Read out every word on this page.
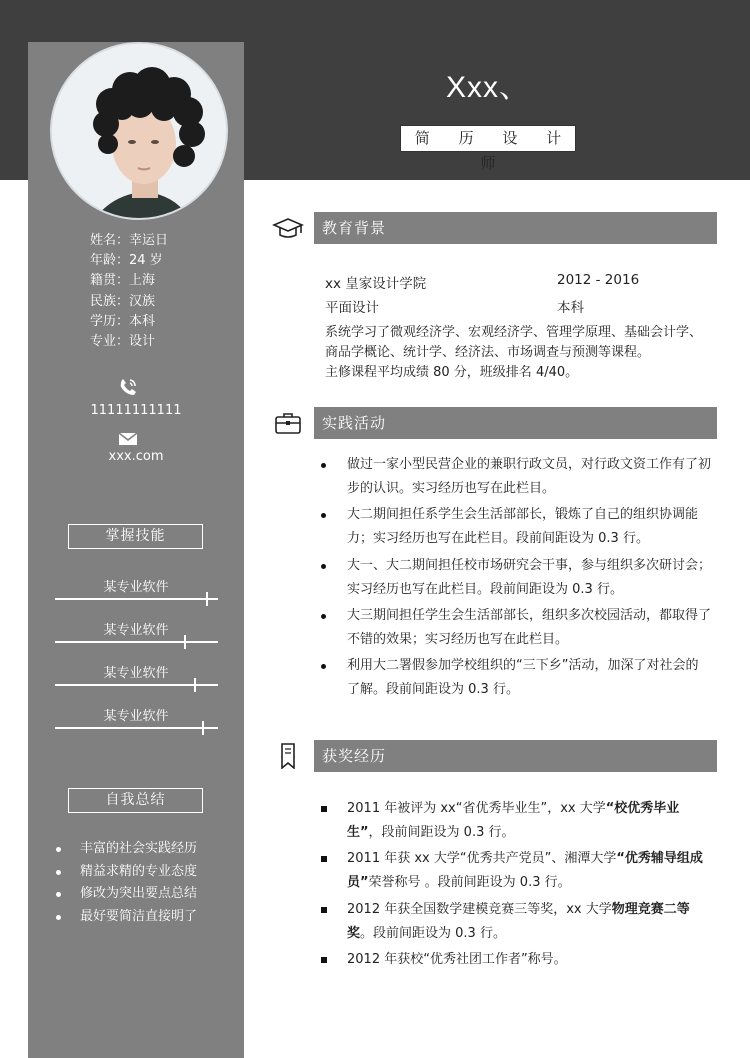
Xxx、
简 历 设 计 师
姓名：幸运日
年龄：24 岁
籍贯：上海
民族：汉族
学历：本科
专业：设计
11111111111
xxx.com
掌握技能
某专业软件
某专业软件
某专业软件
某专业软件
自我总结
丰富的社会实践经历
精益求精的专业态度
修改为突出要点总结
最好要简洁直接明了
教育背景
xx 皇家设计学院	2012 - 2016
平面设计	本科
系统学习了微观经济学、宏观经济学、管理学原理、基础会计学、
商品学概论、统计学、经济法、市场调查与预测等课程。
主修课程平均成绩 80 分，班级排名 4/40。
实践活动
做过一家小型民营企业的兼职行政文员，对行政文资工作有了初步的认识。实习经历也写在此栏目。
大二期间担任系学生会生活部部长，锻炼了自己的组织协调能力；实习经历也写在此栏目。段前间距设为 0.3 行。
大一、大二期间担任校市场研究会干事，参与组织多次研讨会；实习经历也写在此栏目。段前间距设为 0.3 行。
大三期间担任学生会生活部部长，组织多次校园活动，都取得了不错的效果；实习经历也写在此栏目。
利用大二署假参加学校组织的“三下乡”活动，加深了对社会的了解。段前间距设为 0.3 行。
获奖经历
2011 年被评为 xx“省优秀毕业生”，xx 大学“校优秀毕业生”，段前间距设为 0.3 行。
2011 年获 xx 大学“优秀共产党员”、湘潭大学“优秀辅导组成员”荣誉称号 。段前间距设为 0.3 行。
2012 年获全国数学建模竞赛三等奖，xx 大学物理竞赛二等奖。段前间距设为 0.3 行。
2012 年获校“优秀社团工作者”称号。
